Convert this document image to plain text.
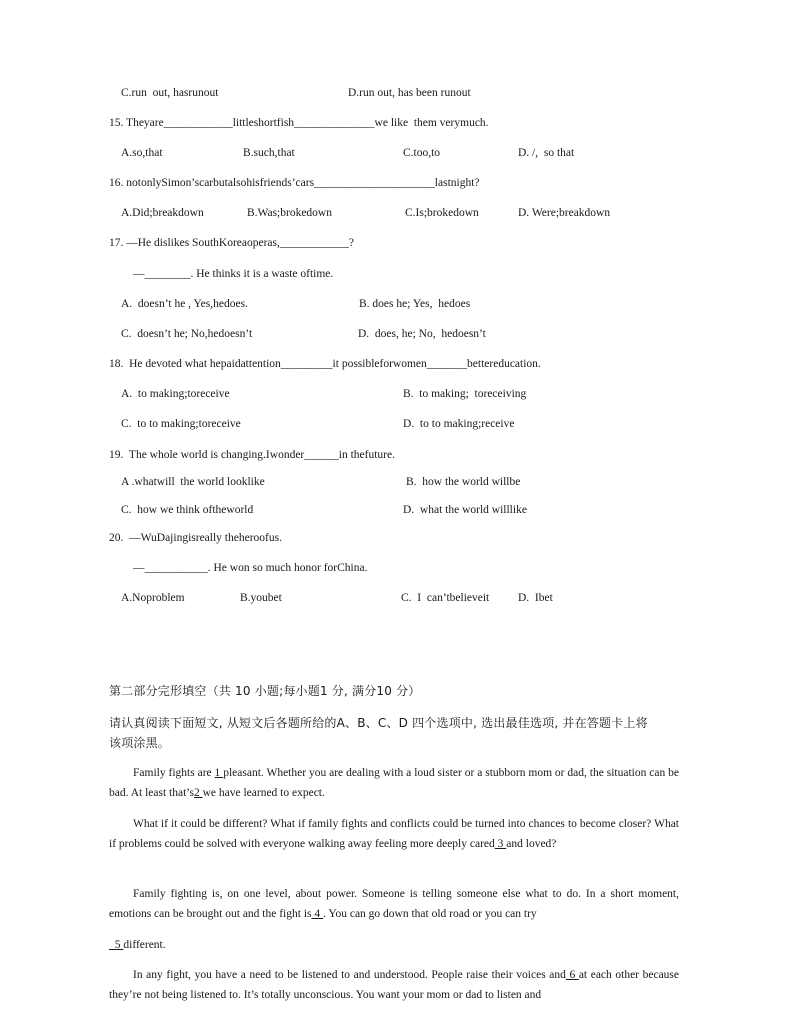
C.run  out, hasrunout	D.run out, has been runout
15. Theyare____________littleshortfish______________we like  them verymuch.
A.so,that	B.such,that	C.too,to	D. /,  so that
16. notonlySimon’scarbutalsohisfriends’cars_____________________lastnight?
A.Did;breakdown	B.Was;brokedown	C.Is;brokedown	D. Were;breakdown
17. —He dislikes SouthKoreaoperas,____________?
—________. He thinks it is a waste oftime.
A.  doesn’t he , Yes,hedoes.	B. does he; Yes,  hedoes
C.  doesn’t he; No,hedoesn’t	D.  does, he; No,  hedoesn’t
18.  He devoted what hepaidattention_________it possibleforwomen_______bettereducation.
A.  to making;toreceive	B.  to making;  toreceiving
C.  to to making;toreceive	D.  to to making;receive
19.  The whole world is changing.Iwonder______in thefuture.
A .whatwill  the world looklike	B.  how the world willbe
C.  how we think oftheworld	D.  what the world willlike
20.  —WuDajingisreally theheroofus.
—___________. He won so much honor forChina.
A.Noproblem	B.youbet	C.  I  can’tbelieveit	D.  Ibet
第二部分完形填空（共 10 小题;每小题1 分, 满分10 分）
请认真阅读下面短文, 从短文后各题所给的A、B、C、D 四个选项中, 选出最佳选项, 并在答题卡上将
该项涂黑。
Family fights are 1 pleasant. Whether you are dealing with a loud sister or a stubborn mom or dad, the situation can be bad. At least that’s2 we have learned to expect.
What if it could be different? What if family fights and conflicts could be turned into chances to become closer? What if problems could be solved with everyone walking away feeling more deeply cared 3 and loved?
Family fighting is, on one level, about power. Someone is telling someone else what to do. In a short moment, emotions can be brought out and the fight is 4 . You can go down that old road or you can try
5 different.
In any fight, you have a need to be listened to and understood. People raise their voices and 6 at each other because they’re not being listened to. It’s totally unconscious. You want your mom or dad to listen and
